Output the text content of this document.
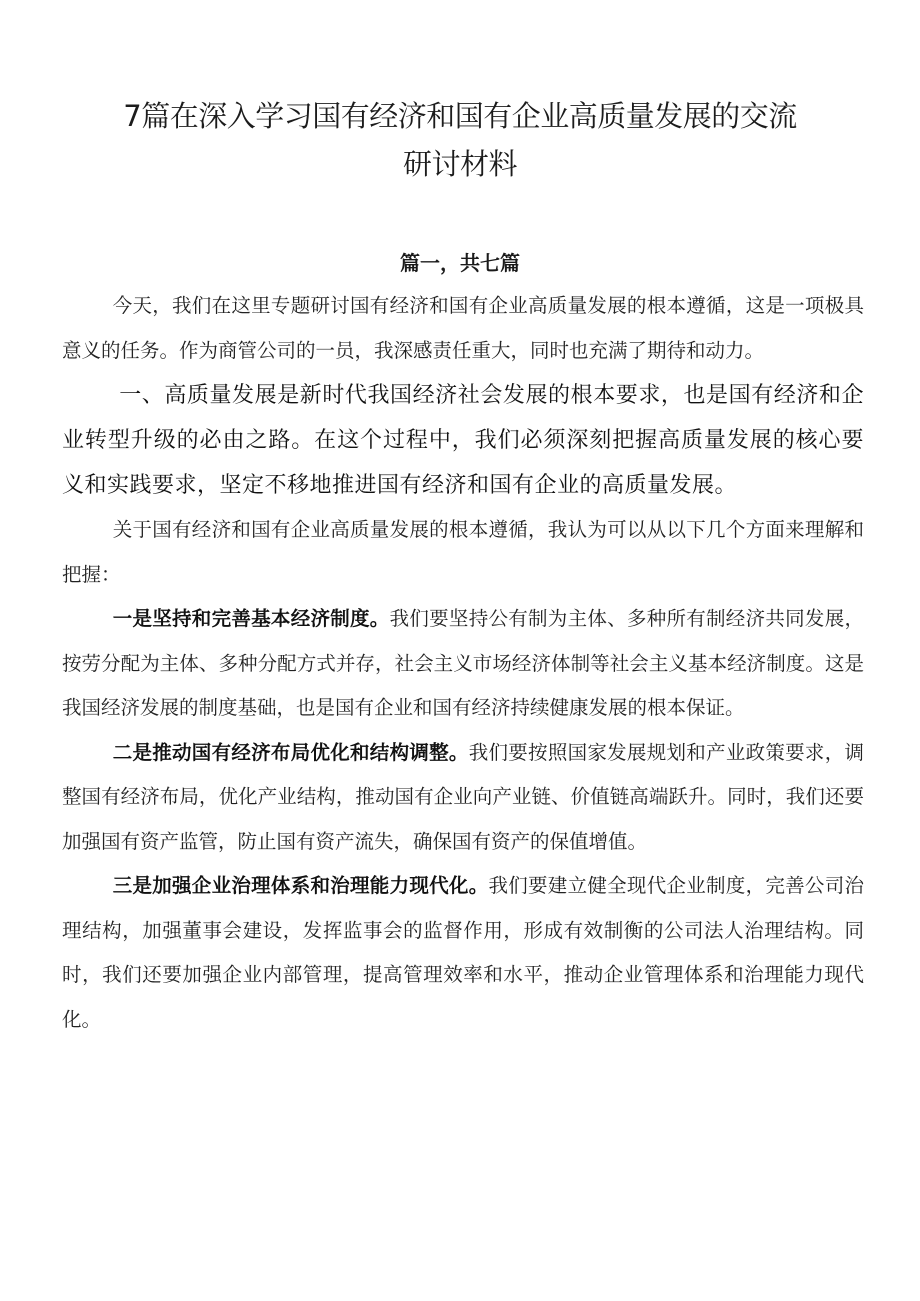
7篇在深入学习国有经济和国有企业高质量发展的交流
研讨材料
篇一，共七篇

今天，我们在这里专题研讨国有经济和国有企业高质量发展的根本遵循，这是一项极具意义的任务。作为商管公司的一员，我深感责任重大，同时也充满了期待和动力。

一、高质量发展是新时代我国经济社会发展的根本要求，也是国有经济和企业转型升级的必由之路。在这个过程中，我们必须深刻把握高质量发展的核心要义和实践要求，坚定不移地推进国有经济和国有企业的高质量发展。

关于国有经济和国有企业高质量发展的根本遵循，我认为可以从以下几个方面来理解和把握：

一是坚持和完善基本经济制度。我们要坚持公有制为主体、多种所有制经济共同发展，按劳分配为主体、多种分配方式并存，社会主义市场经济体制等社会主义基本经济制度。这是我国经济发展的制度基础，也是国有企业和国有经济持续健康发展的根本保证。

二是推动国有经济布局优化和结构调整。我们要按照国家发展规划和产业政策要求，调整国有经济布局，优化产业结构，推动国有企业向产业链、价值链高端跃升。同时，我们还要加强国有资产监管，防止国有资产流失，确保国有资产的保值增值。

三是加强企业治理体系和治理能力现代化。我们要建立健全现代企业制度，完善公司治理结构，加强董事会建设，发挥监事会的监督作用，形成有效制衡的公司法人治理结构。同时，我们还要加强企业内部管理，提高管理效率和水平，推动企业管理体系和治理能力现代化。
